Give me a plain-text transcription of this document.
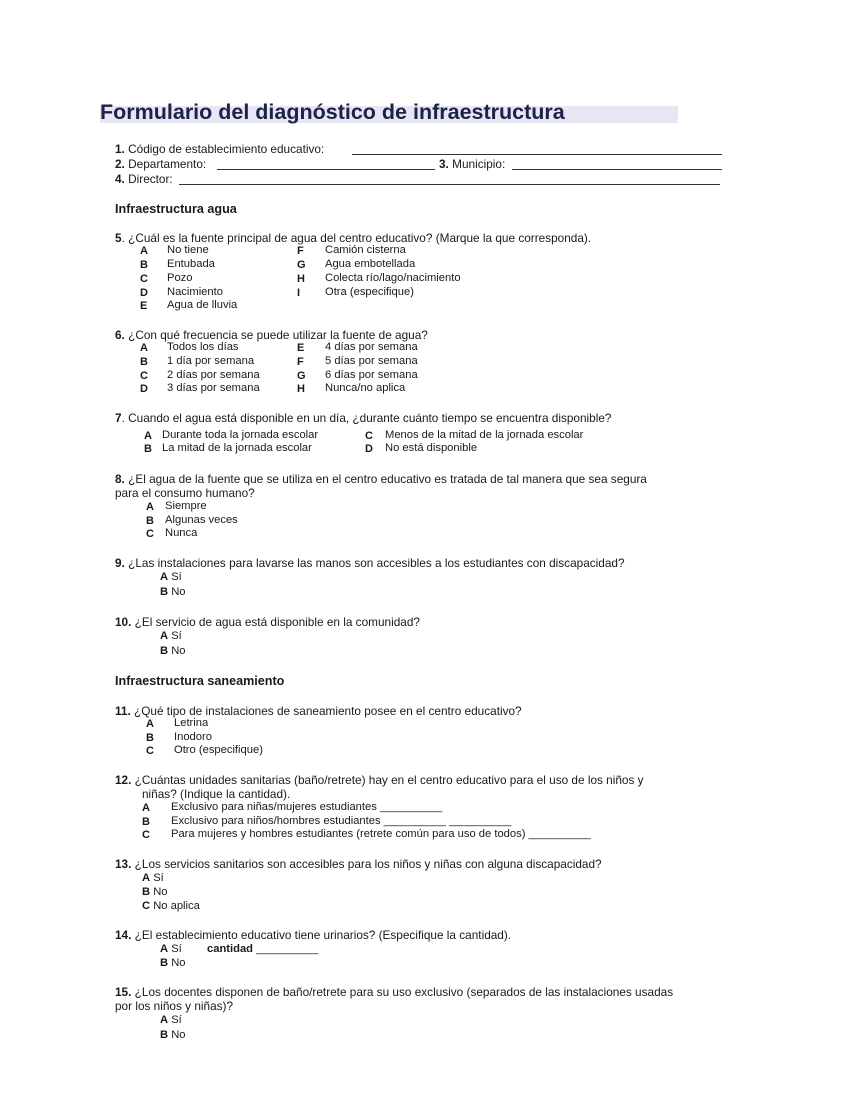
Formulario del diagnóstico de infraestructura
1. Código de establecimiento educativo:
2. Departamento:	3. Municipio:
4. Director:
Infraestructura agua
5. ¿Cuál es la fuente principal de agua del centro educativo? (Marque la que corresponda).
A No tiene
B Entubada
C Pozo
D Nacimiento
E Agua de lluvia
F Camión cisterna
G Agua embotellada
H Colecta río/lago/nacimiento
I Otra (especifique)
6. ¿Con qué frecuencia se puede utilizar la fuente de agua?
A Todos los días
B 1 día por semana
C 2 días por semana
D 3 días por semana
E 4 días por semana
F 5 días por semana
G 6 días por semana
H Nunca/no aplica
7. Cuando el agua está disponible en un día, ¿durante cuánto tiempo se encuentra disponible?
A Durante toda la jornada escolar
B La mitad de la jornada escolar
C Menos de la mitad de la jornada escolar
D No está disponible
8. ¿El agua de la fuente que se utiliza en el centro educativo es tratada de tal manera que sea segura
para el consumo humano?
A Siempre
B Algunas veces
C Nunca
9. ¿Las instalaciones para lavarse las manos son accesibles a los estudiantes con discapacidad?
A Sí
B No
10. ¿El servicio de agua está disponible en la comunidad?
A Sí
B No
Infraestructura saneamiento
11. ¿Qué tipo de instalaciones de saneamiento posee en el centro educativo?
A Letrina
B Inodoro
C Otro (especifique)
12. ¿Cuántas unidades sanitarias (baño/retrete) hay en el centro educativo para el uso de los niños y
niñas? (Indique la cantidad).
A Exclusivo para niñas/mujeres estudiantes __________
B Exclusivo para niños/hombres estudiantes __________ __________
C Para mujeres y hombres estudiantes (retrete común para uso de todos) __________
13. ¿Los servicios sanitarios son accesibles para los niños y niñas con alguna discapacidad?
A Sí
B No
C No aplica
14. ¿El establecimiento educativo tiene urinarios? (Especifique la cantidad).
A Sí cantidad __________
B No
15. ¿Los docentes disponen de baño/retrete para su uso exclusivo (separados de las instalaciones usadas
por los niños y niñas)?
A Sí
B No
